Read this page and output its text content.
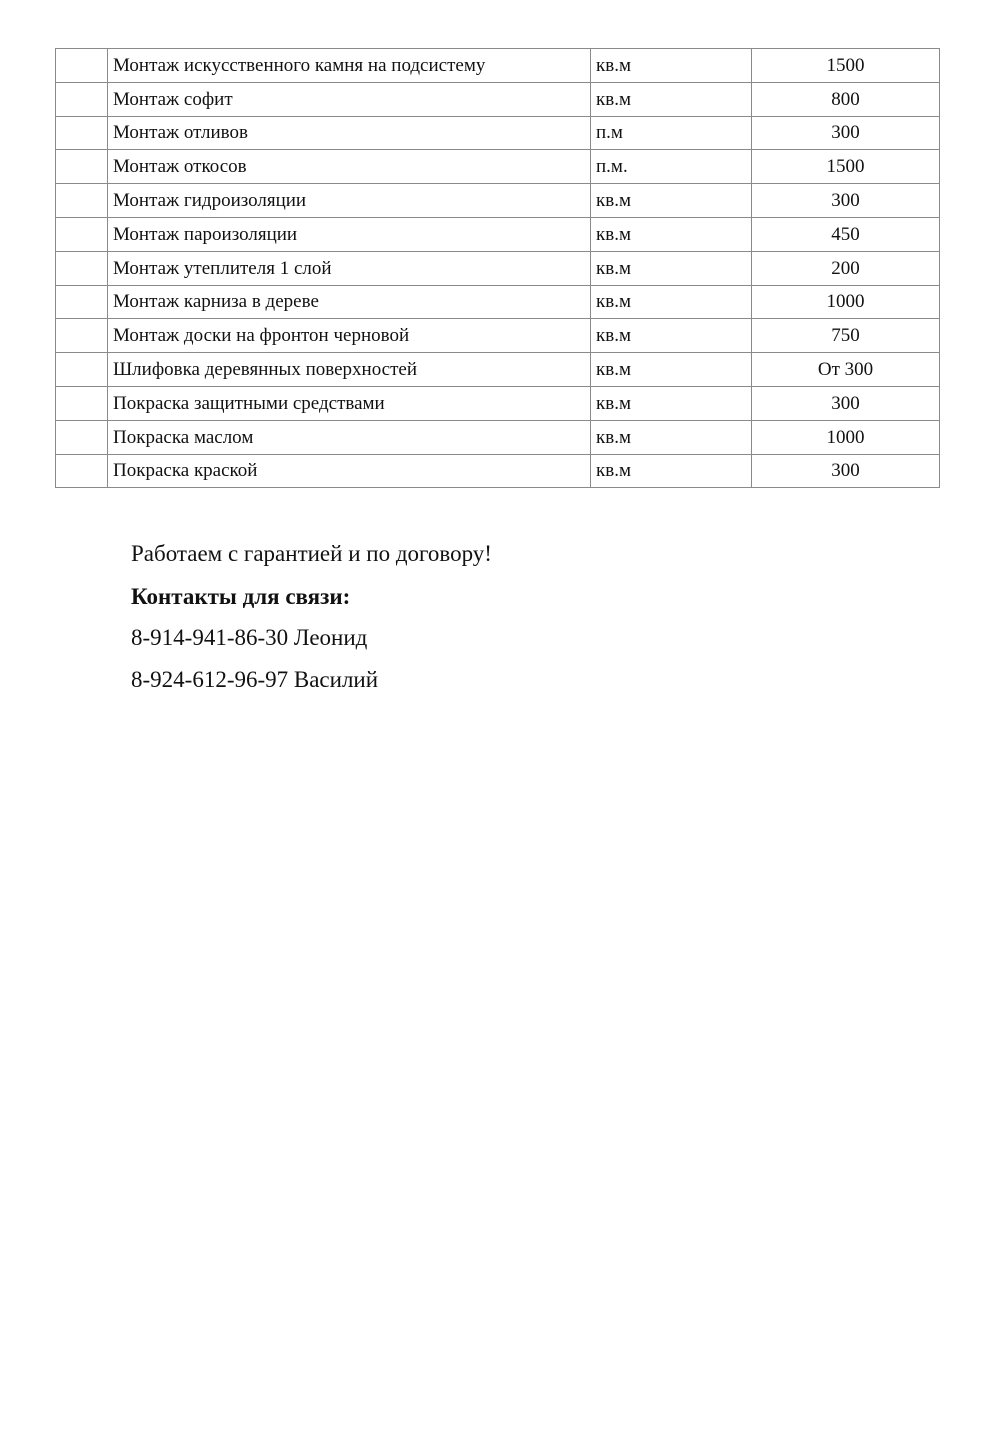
	Монтаж искусственного камня на подсистему	кв.м	1500
	Монтаж софит	кв.м	800
	Монтаж отливов	п.м	300
	Монтаж откосов	п.м.	1500
	Монтаж гидроизоляции	кв.м	300
	Монтаж пароизоляции	кв.м	450
	Монтаж утеплителя 1 слой	кв.м	200
	Монтаж карниза в дереве	кв.м	1000
	Монтаж доски на фронтон черновой	кв.м	750
	Шлифовка деревянных поверхностей	кв.м	От 300
	Покраска защитными средствами	кв.м	300
	Покраска маслом	кв.м	1000
	Покраска краской	кв.м	300

Работаем с гарантией и по договору!

Контакты для связи:

8-914-941-86-30 Леонид

8-924-612-96-97 Василий
